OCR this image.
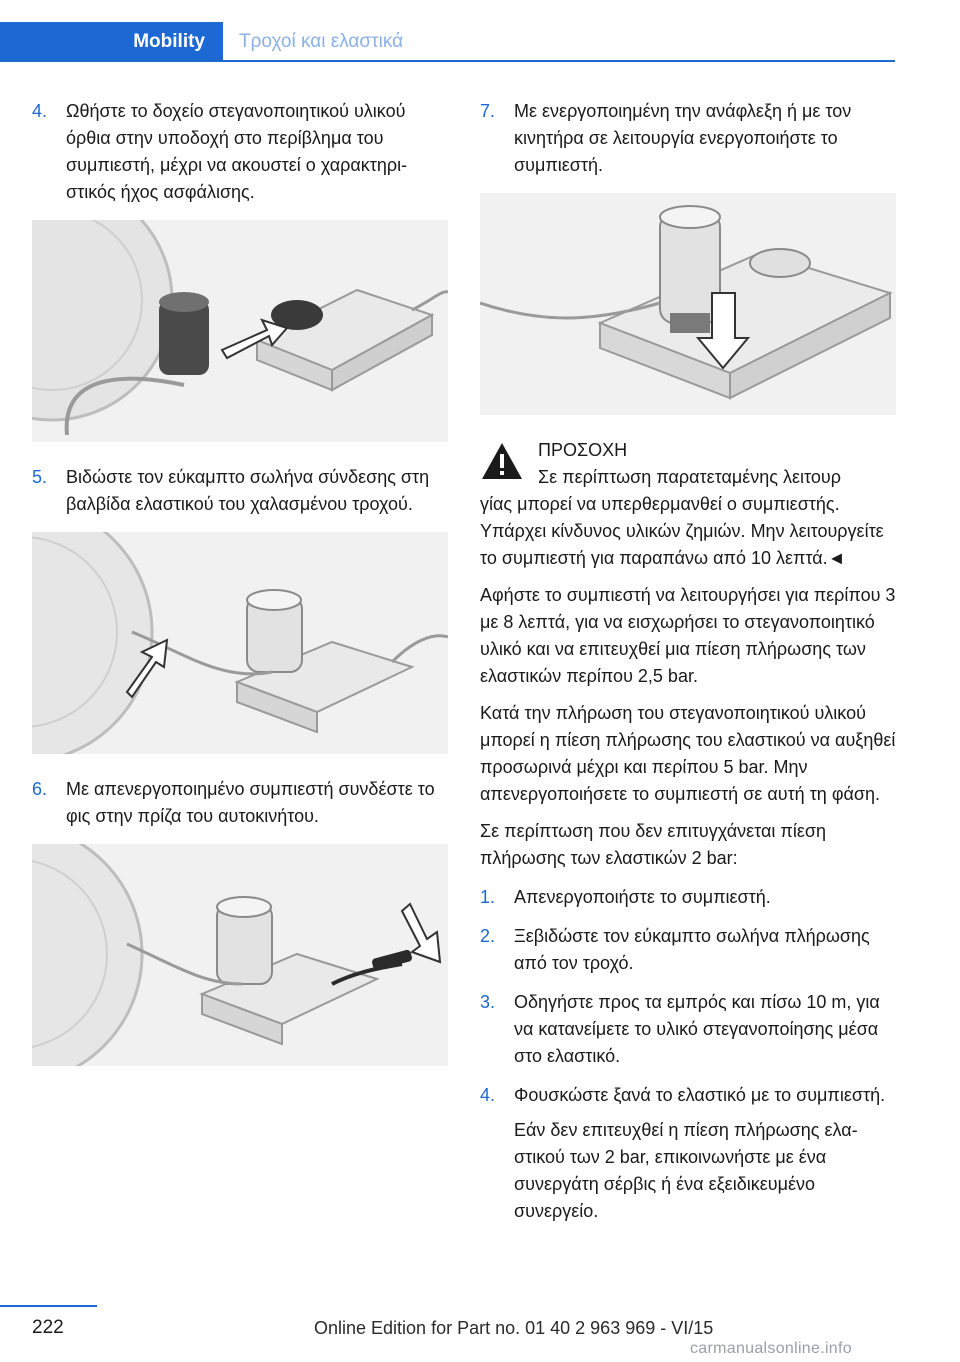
Mobility	Τροχοί και ελαστικά
4.	Ωθήστε το δοχείο στεγανοποιητικού υλικού όρθια στην υποδοχή στο περίβλημα του συμπιεστή, μέχρι να ακουστεί ο χαρακτηριστικός ήχος ασφάλισης.
5.	Βιδώστε τον εύκαμπτο σωλήνα σύνδεσης στη βαλβίδα ελαστικού του χαλασμένου τροχού.
6.	Με απενεργοποιημένο συμπιεστή συνδέστε το φις στην πρίζα του αυτοκινήτου.
7.	Με ενεργοποιημένη την ανάφλεξη ή με τον κινητήρα σε λειτουργία ενεργοποιήστε το συμπιεστή.
ΠΡΟΣΟΧΗ
Σε περίπτωση παρατεταμένης λειτουρ
γίας μπορεί να υπερθερμανθεί ο συμπιεστής. Υπάρχει κίνδυνος υλικών ζημιών. Μην λειτουργείτε το συμπιεστή για παραπάνω από 10 λεπτά.◄

Αφήστε το συμπιεστή να λειτουργήσει για περίπου 3 με 8 λεπτά, για να εισχωρήσει το στεγανοποιητικό υλικό και να επιτευχθεί μια πίεση πλήρωσης των ελαστικών περίπου 2,5 bar.

Κατά την πλήρωση του στεγανοποιητικού υλικού μπορεί η πίεση πλήρωσης του ελαστικού να αυξηθεί προσωρινά μέχρι και περίπου 5 bar. Μην απενεργοποιήσετε το συμπιεστή σε αυτή τη φάση.

Σε περίπτωση που δεν επιτυγχάνεται πίεση πλήρωσης των ελαστικών 2 bar:

1.	Απενεργοποιήστε το συμπιεστή.
2.	Ξεβιδώστε τον εύκαμπτο σωλήνα πλήρωσης από τον τροχό.
3.	Οδηγήστε προς τα εμπρός και πίσω 10 m, για να κατανείμετε το υλικό στεγανοποίησης μέσα στο ελαστικό.
4.	Φουσκώστε ξανά το ελαστικό με το συμπιεστή.
Εάν δεν επιτευχθεί η πίεση πλήρωσης ελαστικού των 2 bar, επικοινωνήστε με ένα συνεργάτη σέρβις ή ένα εξειδικευμένο συνεργείο.
222	Online Edition for Part no. 01 40 2 963 969 - VI/15
carmanualsonline.info
